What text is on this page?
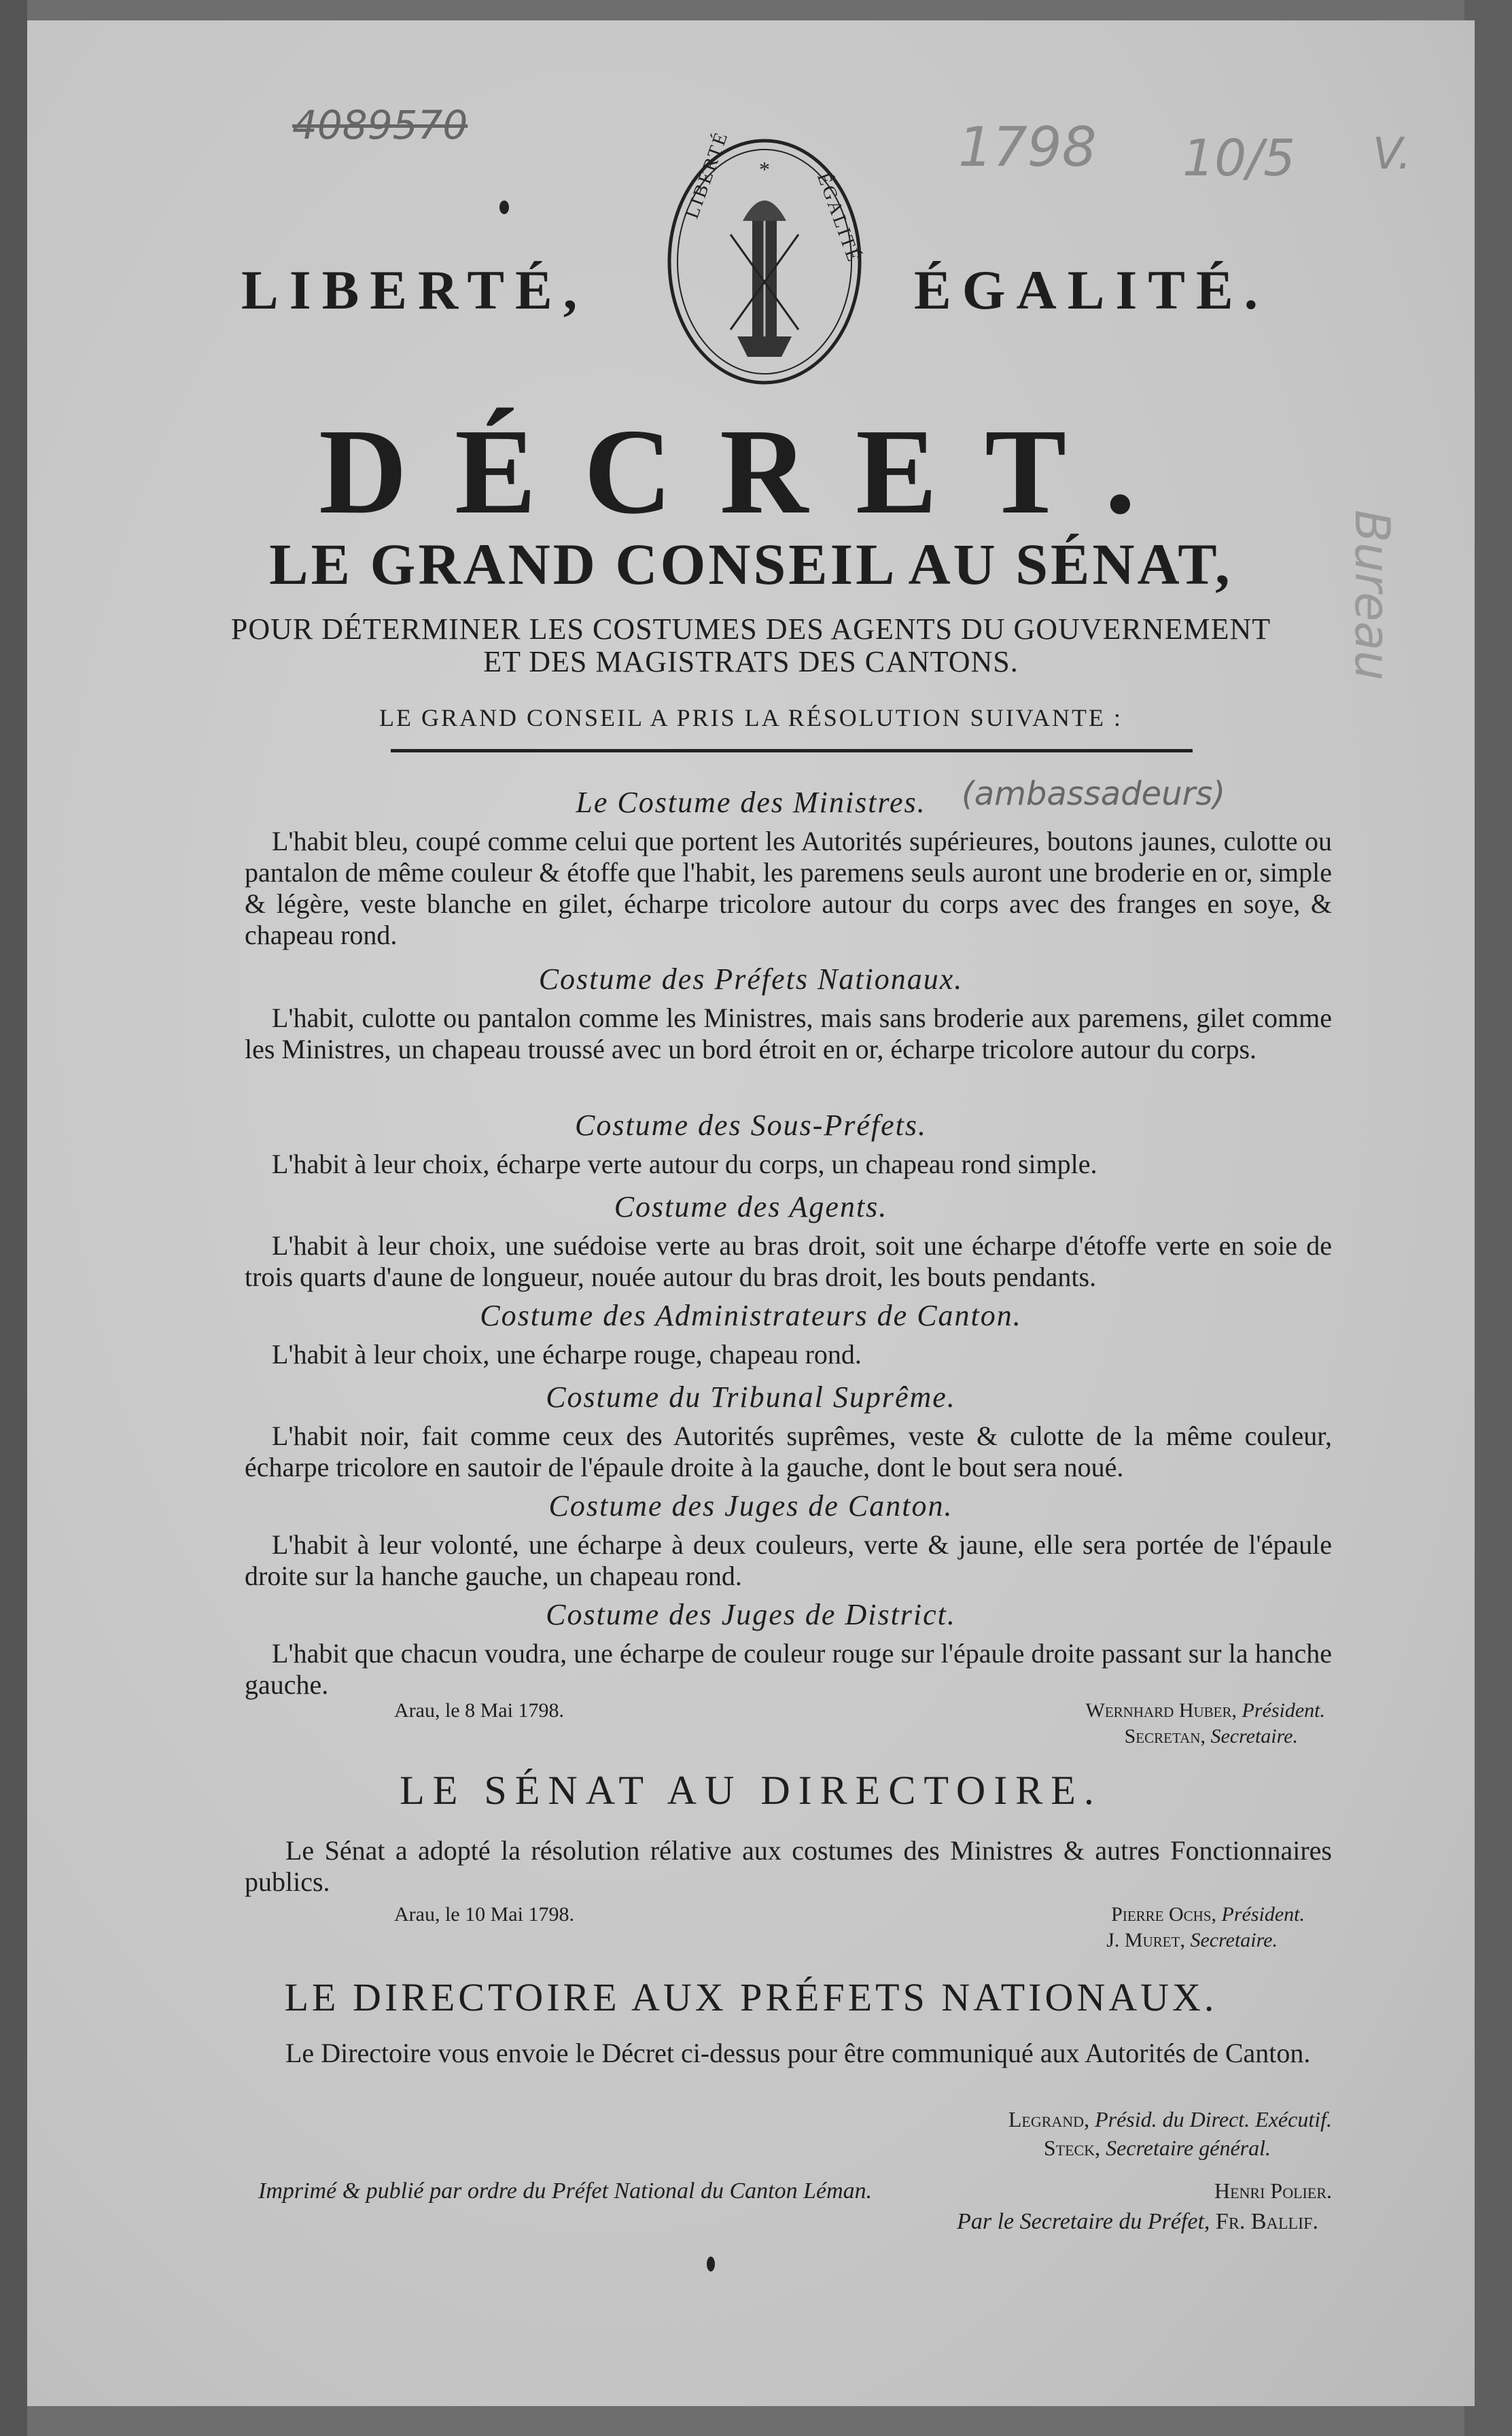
4089570	1798 10/5 V.
Bureau
LIBERTÉ,	ÉGALITÉ.
*
LIBERTÉ	ÉGALITÉ
DÉCRET.
LE GRAND CONSEIL AU SÉNAT,
POUR DÉTERMINER LES COSTUMES DES AGENTS DU GOUVERNEMENT
ET DES MAGISTRATS DES CANTONS.
LE GRAND CONSEIL A PRIS LA RÉSOLUTION SUIVANTE :
Le Costume des Ministres.	(ambassadeurs)
L'habit bleu, coupé comme celui que portent les Autorités supérieures, boutons jaunes, culotte ou pantalon de même couleur & étoffe que l'habit, les paremens seuls auront une broderie en or, simple & légère, veste blanche en gilet, écharpe tricolore autour du corps avec des franges en soye, & chapeau rond.
Costume des Préfets Nationaux.
L'habit, culotte ou pantalon comme les Ministres, mais sans broderie aux paremens, gilet comme les Ministres, un chapeau troussé avec un bord étroit en or, écharpe tricolore autour du corps.
Costume des Sous-Préfets.
L'habit à leur choix, écharpe verte autour du corps, un chapeau rond simple.
Costume des Agents.
L'habit à leur choix, une suédoise verte au bras droit, soit une écharpe d'étoffe verte en soie de trois quarts d'aune de longueur, nouée autour du bras droit, les bouts pendants.
Costume des Administrateurs de Canton.
L'habit à leur choix, une écharpe rouge, chapeau rond.
Costume du Tribunal Suprême.
L'habit noir, fait comme ceux des Autorités suprêmes, veste & culotte de la même couleur, écharpe tricolore en sautoir de l'épaule droite à la gauche, dont le bout sera noué.
Costume des Juges de Canton.
L'habit à leur volonté, une écharpe à deux couleurs, verte & jaune, elle sera portée de l'épaule droite sur la hanche gauche, un chapeau rond.
Costume des Juges de District.
L'habit que chacun voudra, une écharpe de couleur rouge sur l'épaule droite passant sur la hanche gauche.
Arau, le 8 Mai 1798.	Wernhard Huber, Président.
Secretan, Secretaire.
LE SÉNAT AU DIRECTOIRE.
Le Sénat a adopté la résolution rélative aux costumes des Ministres & autres Fonctionnaires publics.
Arau, le 10 Mai 1798.	Pierre Ochs, Président.
J. Muret, Secretaire.
LE DIRECTOIRE AUX PRÉFETS NATIONAUX.
Le Directoire vous envoie le Décret ci-dessus pour être communiqué aux Autorités de Canton.
Legrand, Présid. du Direct. Exécutif.
Steck, Secretaire général.
Imprimé & publié par ordre du Préfet National du Canton Léman.	Henri Polier.
Par le Secretaire du Préfet, Fr. Ballif.
